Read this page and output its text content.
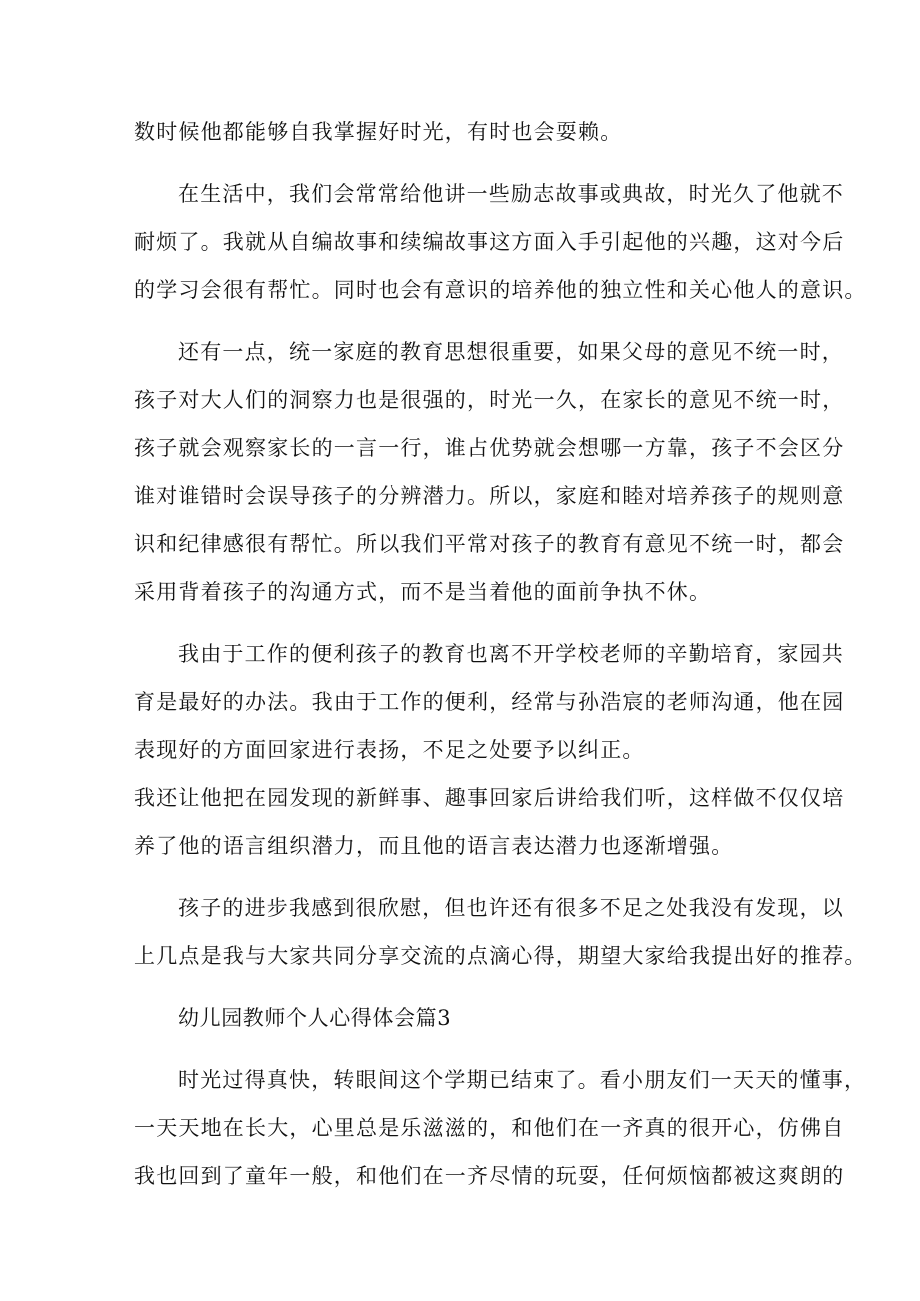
数时候他都能够自我掌握好时光，有时也会耍赖。
在生活中，我们会常常给他讲一些励志故事或典故，时光久了他就不
耐烦了。我就从自编故事和续编故事这方面入手引起他的兴趣，这对今后
的学习会很有帮忙。同时也会有意识的培养他的独立性和关心他人的意识。
还有一点，统一家庭的教育思想很重要，如果父母的意见不统一时，
孩子对大人们的洞察力也是很强的，时光一久，在家长的意见不统一时，
孩子就会观察家长的一言一行，谁占优势就会想哪一方靠，孩子不会区分
谁对谁错时会误导孩子的分辨潜力。所以，家庭和睦对培养孩子的规则意
识和纪律感很有帮忙。所以我们平常对孩子的教育有意见不统一时，都会
采用背着孩子的沟通方式，而不是当着他的面前争执不休。
我由于工作的便利孩子的教育也离不开学校老师的辛勤培育，家园共
育是最好的办法。我由于工作的便利，经常与孙浩宸的老师沟通，他在园
表现好的方面回家进行表扬，不足之处要予以纠正。
我还让他把在园发现的新鲜事、趣事回家后讲给我们听，这样做不仅仅培
养了他的语言组织潜力，而且他的语言表达潜力也逐渐增强。
孩子的进步我感到很欣慰，但也许还有很多不足之处我没有发现，以
上几点是我与大家共同分享交流的点滴心得，期望大家给我提出好的推荐。
幼儿园教师个人心得体会篇3
时光过得真快，转眼间这个学期已结束了。看小朋友们一天天的懂事，
一天天地在长大，心里总是乐滋滋的，和他们在一齐真的很开心，仿佛自
我也回到了童年一般，和他们在一齐尽情的玩耍，任何烦恼都被这爽朗的
